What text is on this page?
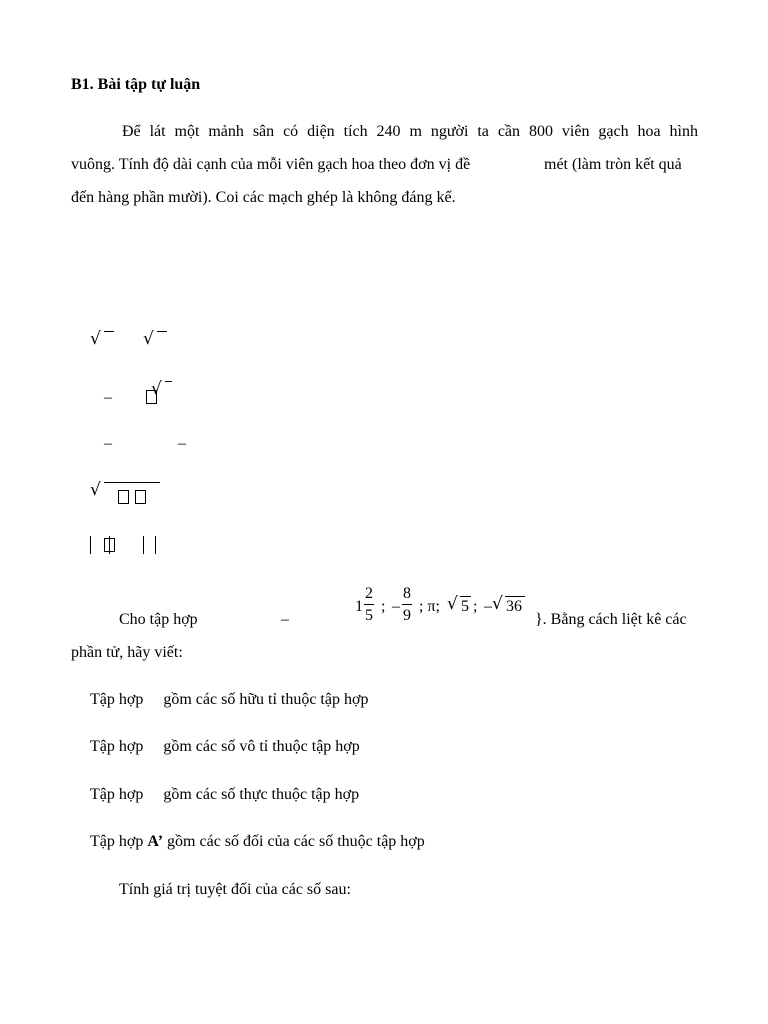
B1. Bài tập tự luận
Để lát một mảnh sân có diện tích 240 m người ta cần 800 viên gạch hoa hình
vuông. Tính độ dài cạnh của mỗi viên gạch hoa theo đơn vị đề	mét (làm tròn kết quả
đến hàng phần mười). Coi các mạch ghép là không đáng kể.
√ √
– √
–	–
√
Cho tập hợp	–
$1 \frac{2}{5}$ ; – $\frac{8}{9}$ ; π; √ 5 ; – √ 36
}. Bằng cách liệt kê các
phần tử, hãy viết:
Tập hợp gồm các số hữu tỉ thuộc tập hợp
Tập hợp gồm các số vô tỉ thuộc tập hợp
Tập hợp gồm các số thực thuộc tập hợp
Tập hợp A’ gồm các số đối của các số thuộc tập hợp
Tính giá trị tuyệt đối của các số sau:
